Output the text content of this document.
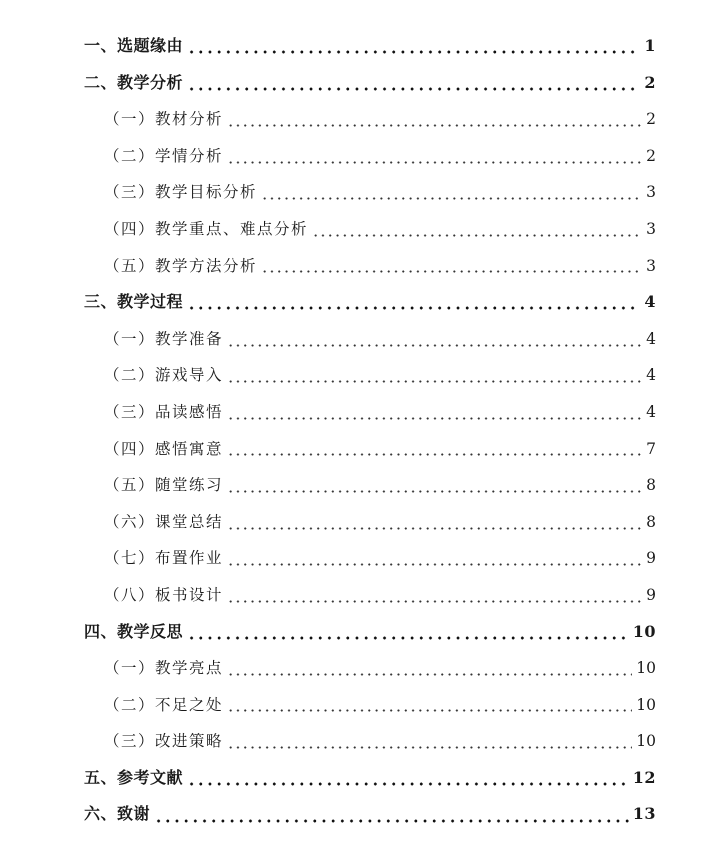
一、选题缘由	1
二、教学分析	2
（一）教材分析	2
（二）学情分析	2
（三）教学目标分析	3
（四）教学重点、难点分析	3
（五）教学方法分析	3
三、教学过程	4
（一）教学准备	4
（二）游戏导入	4
（三）品读感悟	4
（四）感悟寓意	7
（五）随堂练习	8
（六）课堂总结	8
（七）布置作业	9
（八）板书设计	9
四、教学反思	10
（一）教学亮点	10
（二）不足之处	10
（三）改进策略	10
五、参考文献	12
六、致谢	13
